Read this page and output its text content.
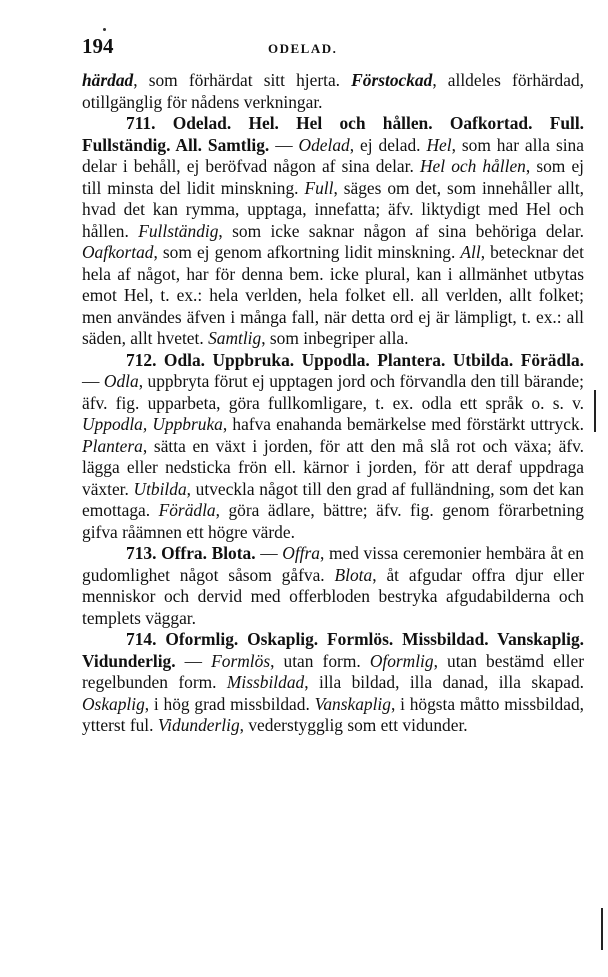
194	ODELAD.

härdad, som förhärdat sitt hjerta. Förstockad, alldeles förhärdad, otillgänglig för nådens verkningar.

711. Odelad. Hel. Hel och hållen. Oafkortad. Full. Fullständig. All. Samtlig. — Odelad, ej delad. Hel, som har alla sina delar i behåll, ej beröfvad någon af sina delar. Hel och hållen, som ej till minsta del lidit minskning. Full, säges om det, som innehåller allt, hvad det kan rymma, upptaga, innefatta; äfv. liktydigt med Hel och hållen. Fullständig, som icke saknar någon af sina behöriga delar. Oafkortad, som ej genom afkortning lidit minskning. All, betecknar det hela af något, har för denna bem. icke plural, kan i allmänhet utbytas emot Hel, t. ex.: hela verlden, hela folket ell. all verlden, allt folket; men användes äfven i många fall, när detta ord ej är lämpligt, t. ex.: all säden, allt hvetet. Samtlig, som inbegriper alla.

712. Odla. Uppbruka. Uppodla. Plantera. Utbilda. Förädla. — Odla, uppbryta förut ej upptagen jord och förvandla den till bärande; äfv. fig. upparbeta, göra fullkomligare, t. ex. odla ett språk o. s. v. Uppodla, Uppbruka, hafva enahanda bemärkelse med förstärkt uttryck. Plantera, sätta en växt i jorden, för att den må slå rot och växa; äfv. lägga eller nedsticka frön ell. kärnor i jorden, för att deraf uppdraga växter. Utbilda, utveckla något till den grad af fulländning, som det kan emottaga. Förädla, göra ädlare, bättre; äfv. fig. genom förarbetning gifva råämnen ett högre värde.

713. Offra. Blota. — Offra, med vissa ceremonier hembära åt en gudomlighet något såsom gåfva. Blota, åt afgudar offra djur eller menniskor och dervid med offerbloden bestryka afgudabilderna och templets väggar.

714. Oformlig. Oskaplig. Formlös. Missbildad. Vanskaplig. Vidunderlig. — Formlös, utan form. Oformlig, utan bestämd eller regelbunden form. Missbildad, illa bildad, illa danad, illa skapad. Oskaplig, i hög grad missbildad. Vanskaplig, i högsta måtto missbildad, ytterst ful. Vidunderlig, vederstygglig som ett vidunder.
